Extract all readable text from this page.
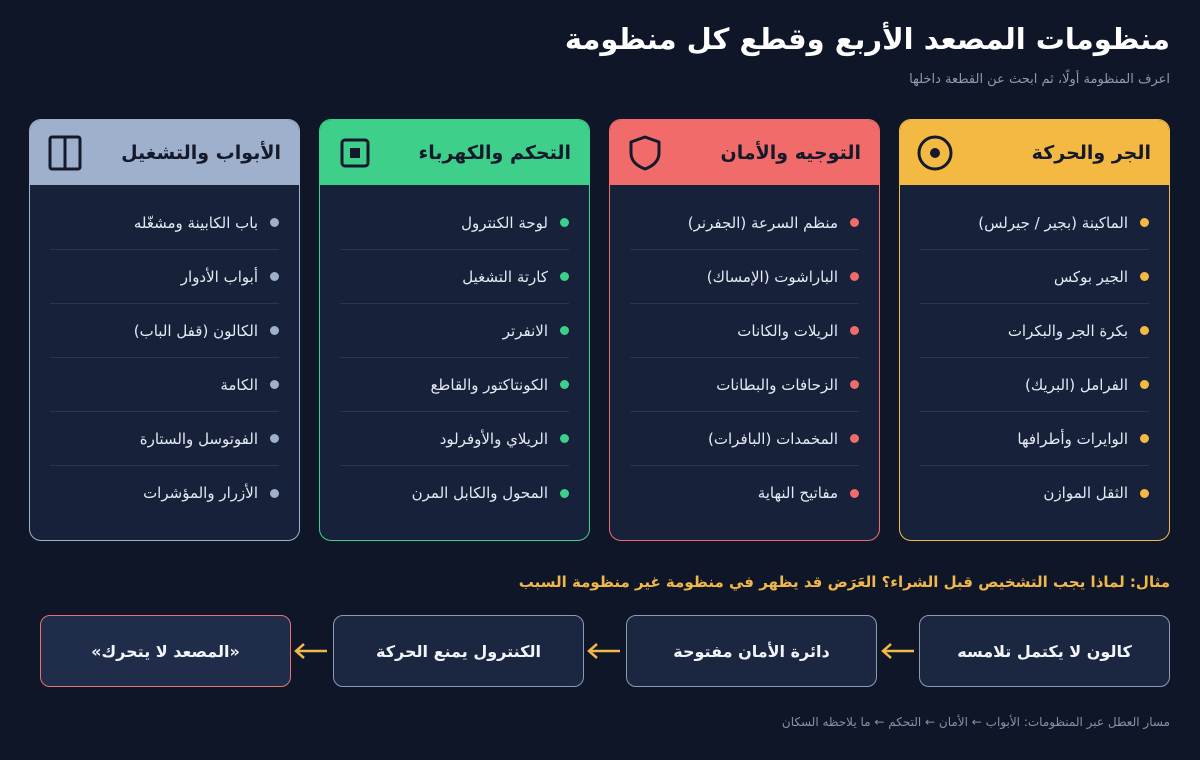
منظومات المصعد الأربع وقطع كل منظومة
اعرف المنظومة أولًا، ثم ابحث عن القطعة داخلها
الجر والحركة
الماكينة (بجير / جيرلس)
الجير بوكس
بكرة الجر والبكرات
الفرامل (البريك)
الوايرات وأطرافها
الثقل الموازن
التوجيه والأمان
منظم السرعة (الجفرنر)
الباراشوت (الإمساك)
الريلات والكانات
الزحافات والبطانات
المخمدات (البافرات)
مفاتيح النهاية
التحكم والكهرباء
لوحة الكنترول
كارتة التشغيل
الانفرتر
الكونتاكتور والقاطع
الريلاي والأوفرلود
المحول والكابل المرن
الأبواب والتشغيل
باب الكابينة ومشغّله
أبواب الأدوار
الكالون (قفل الباب)
الكامة
الفوتوسل والستارة
الأزرار والمؤشرات
مثال: لماذا يجب التشخيص قبل الشراء؟ العَرَض قد يظهر في منظومة غير منظومة السبب
كالون لا يكتمل تلامسه
دائرة الأمان مفتوحة
الكنترول يمنع الحركة
«المصعد لا يتحرك»
مسار العطل عبر المنظومات: الأبواب ← الأمان ← التحكم ← ما يلاحظه السكان
